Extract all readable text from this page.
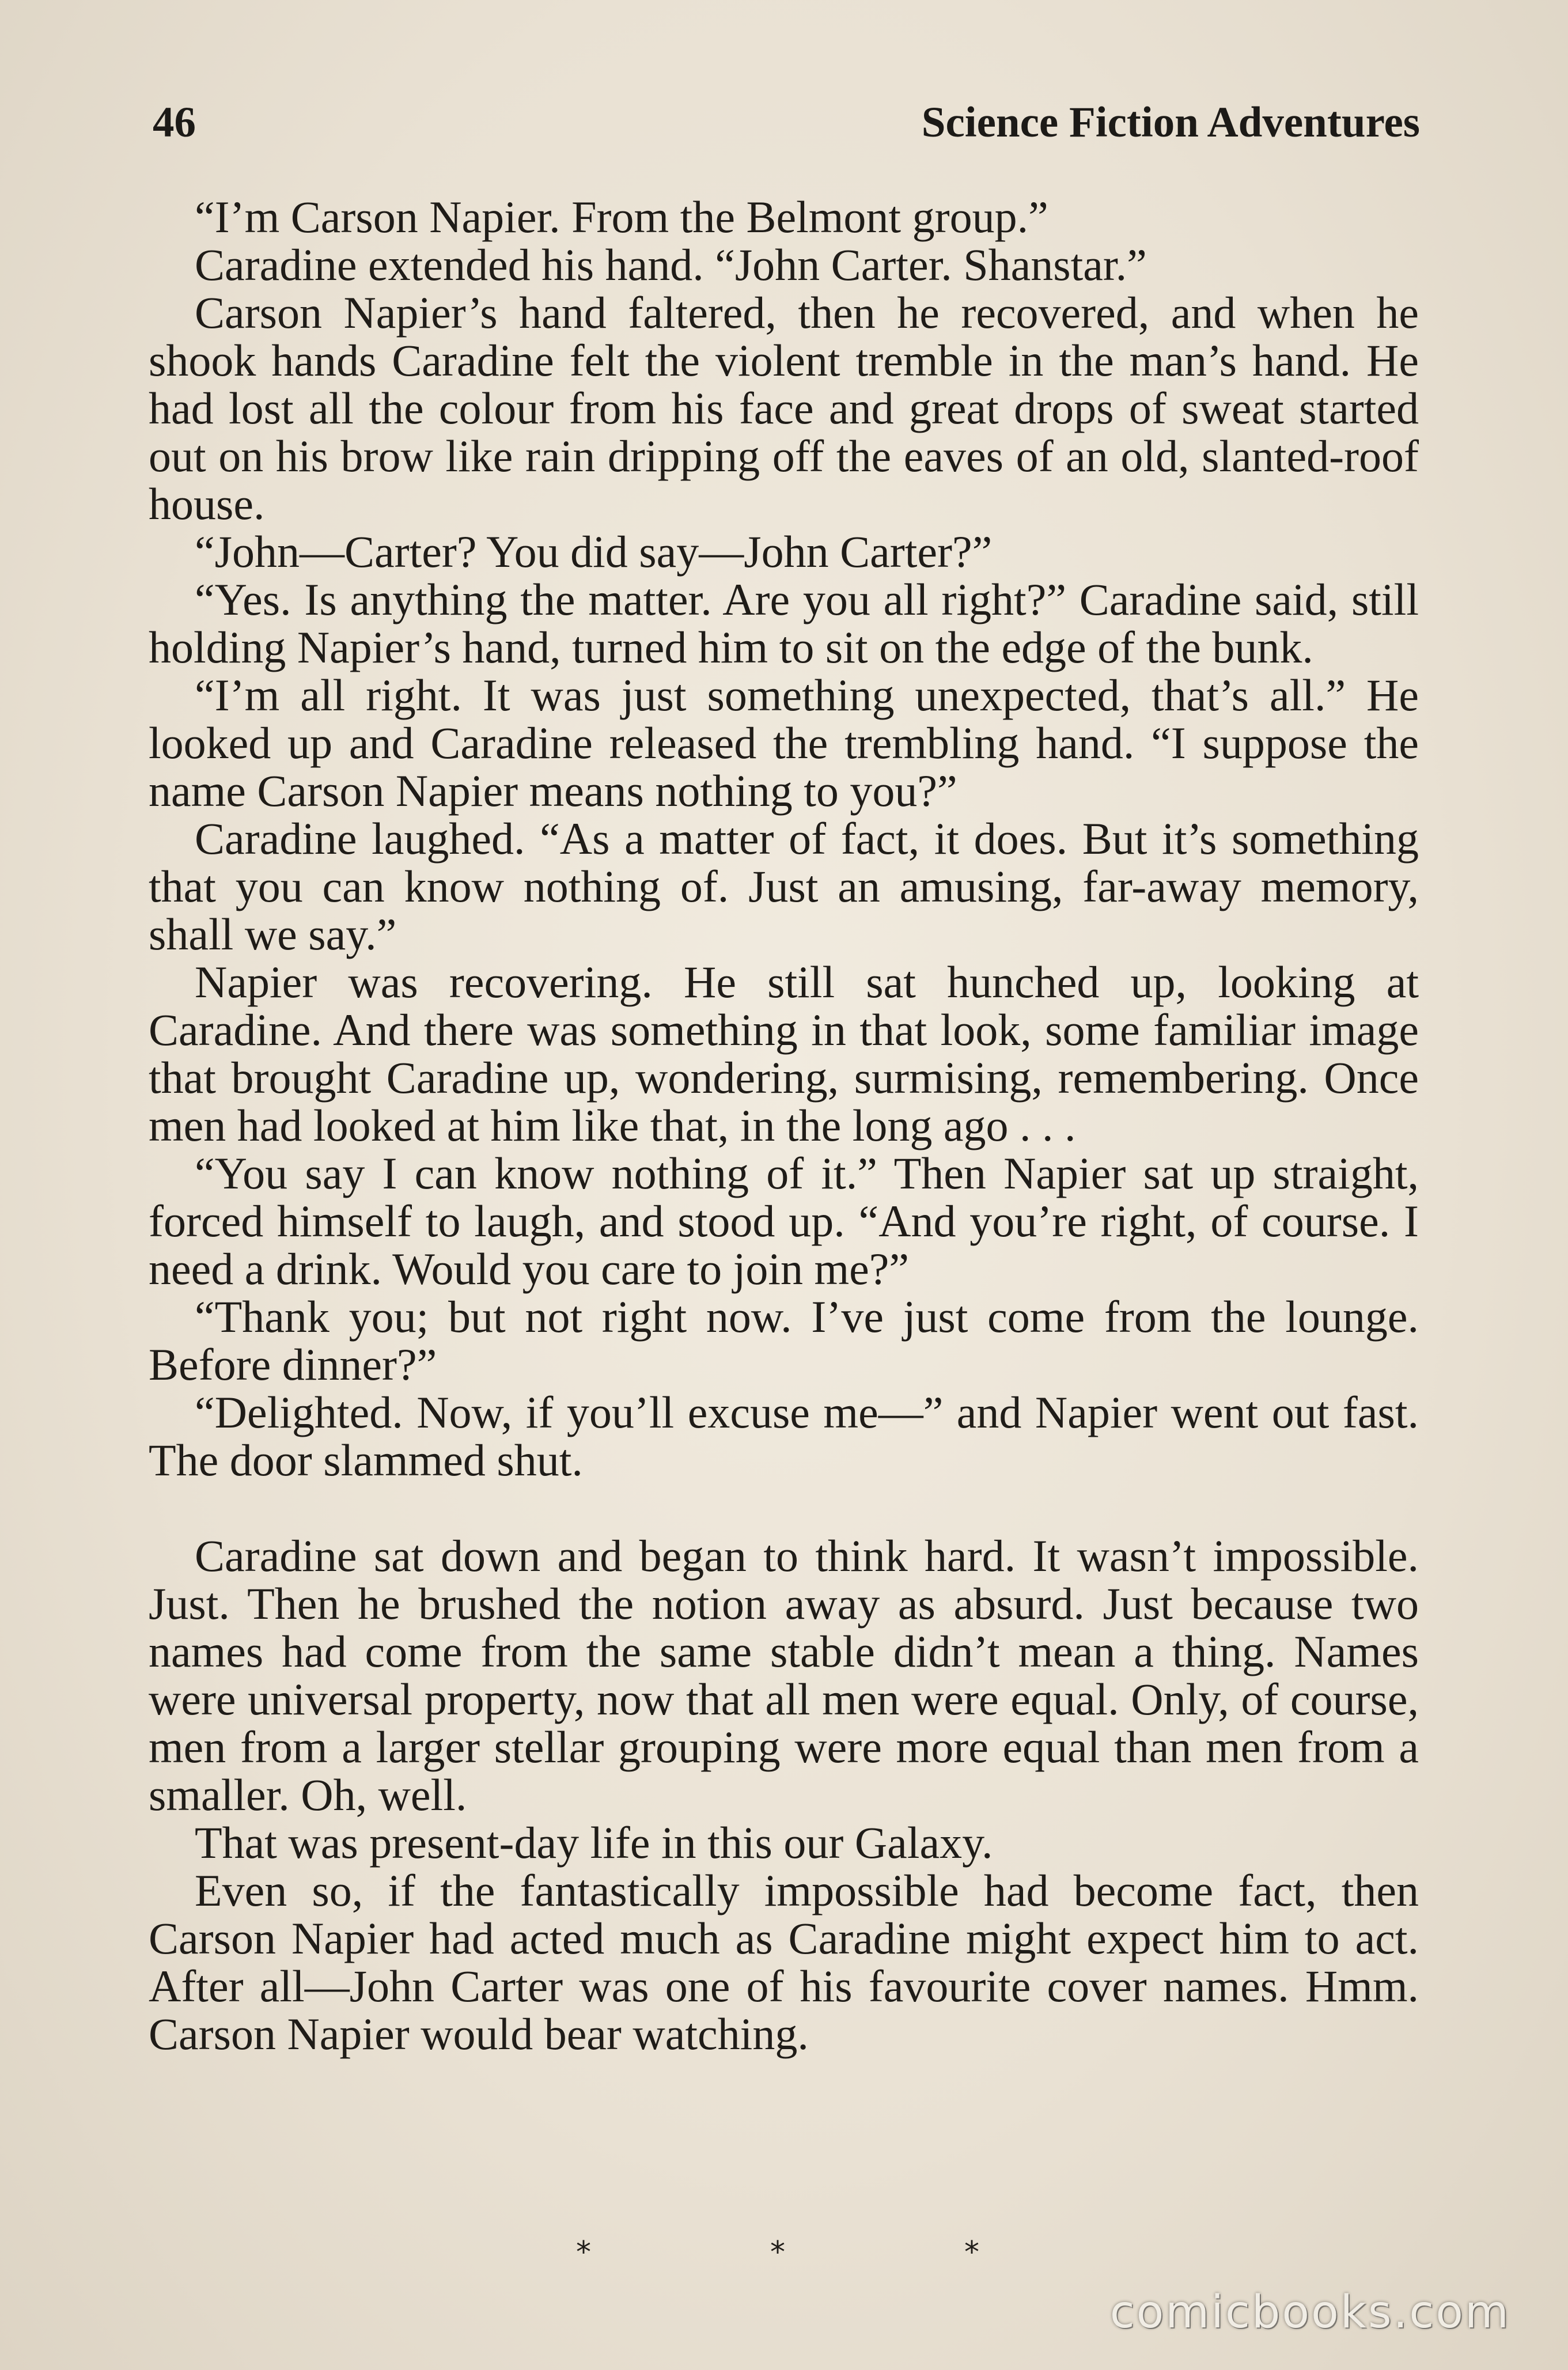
46	Science Fiction Adventures

“I’m Carson Napier. From the Belmont group.”

Caradine extended his hand. “John Carter. Shanstar.”

Carson Napier’s hand faltered, then he recovered, and when he shook hands Caradine felt the violent tremble in the man’s hand. He had lost all the colour from his face and great drops of sweat started out on his brow like rain dripping off the eaves of an old, slanted-roof house.

“John—Carter? You did say—John Carter?”

“Yes. Is anything the matter. Are you all right?” Caradine said, still holding Napier’s hand, turned him to sit on the edge of the bunk.

“I’m all right. It was just something unexpected, that’s all.” He looked up and Caradine released the trembling hand. “I suppose the name Carson Napier means nothing to you?”

Caradine laughed. “As a matter of fact, it does. But it’s something that you can know nothing of. Just an amusing, far-away memory, shall we say.”

Napier was recovering. He still sat hunched up, looking at Caradine. And there was something in that look, some familiar image that brought Caradine up, wondering, surmising, remembering. Once men had looked at him like that, in the long ago . . .

“You say I can know nothing of it.” Then Napier sat up straight, forced himself to laugh, and stood up. “And you’re right, of course. I need a drink. Would you care to join me?”

“Thank you; but not right now. I’ve just come from the lounge. Before dinner?”

“Delighted. Now, if you’ll excuse me—” and Napier went out fast. The door slammed shut.

Caradine sat down and began to think hard. It wasn’t impossible. Just. Then he brushed the notion away as absurd. Just because two names had come from the same stable didn’t mean a thing. Names were universal property, now that all men were equal. Only, of course, men from a larger stellar grouping were more equal than men from a smaller. Oh, well.

That was present-day life in this our Galaxy.

Even so, if the fantastically impossible had become fact, then Carson Napier had acted much as Caradine might expect him to act. After all—John Carter was one of his favourite cover names. Hmm. Carson Napier would bear watching.

*	*	*
comicbooks.com
